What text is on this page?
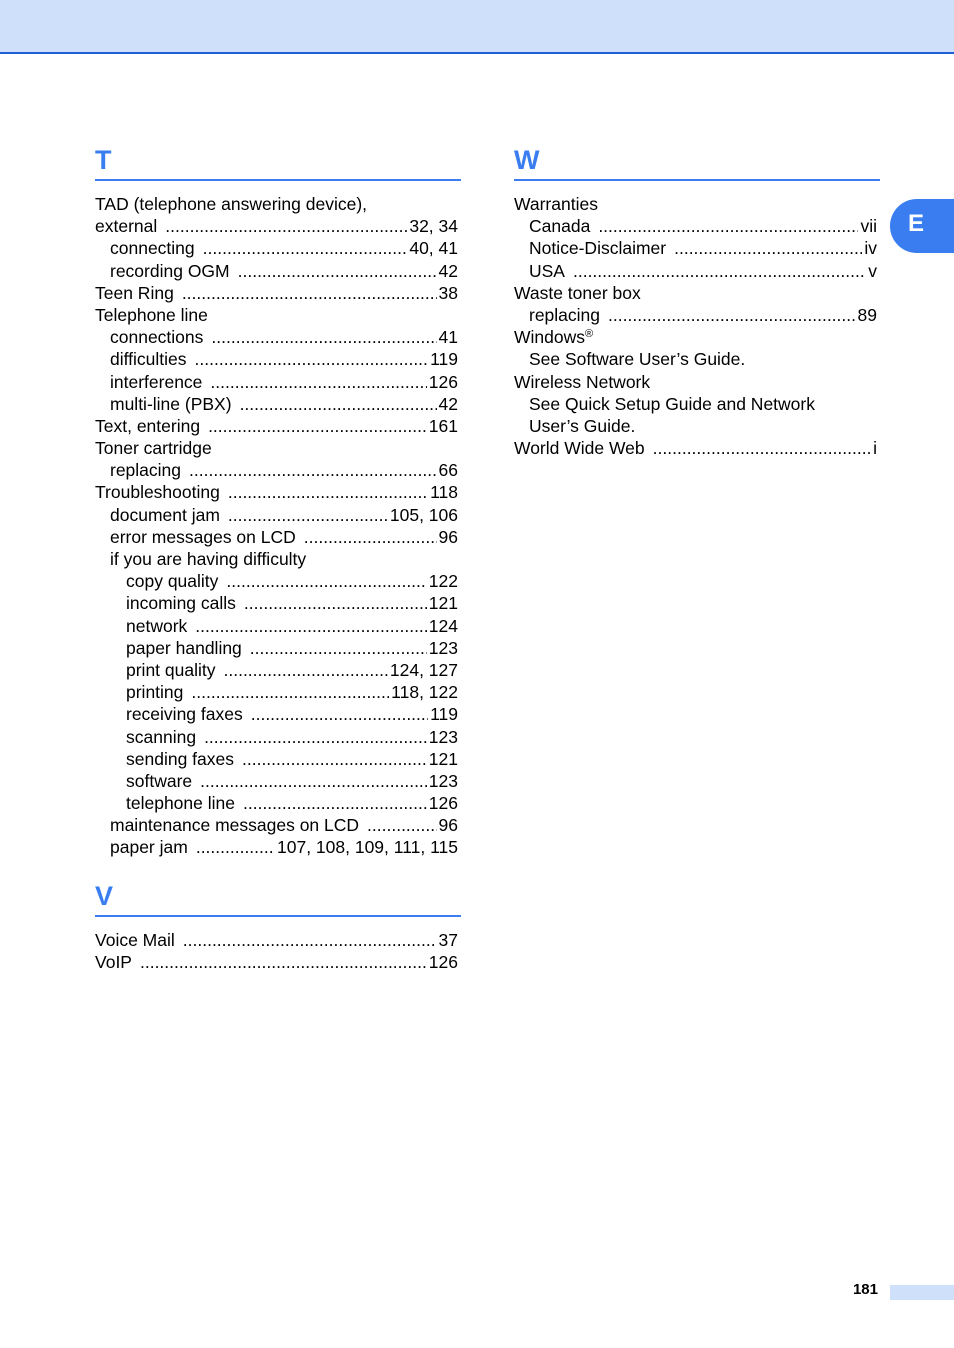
T
TAD (telephone answering device),
external .....	32, 34
connecting .....	40, 41
recording OGM .....	42
Teen Ring .....	38
Telephone line
connections .....	41
difficulties .....	119
interference .....	126
multi-line (PBX) .....	42
Text, entering .....	161
Toner cartridge
replacing .....	66
Troubleshooting .....	118
document jam .....	105, 106
error messages on LCD .....	96
if you are having difficulty
copy quality .....	122
incoming calls .....	121
network .....	124
paper handling .....	123
print quality .....	124, 127
printing .....	118, 122
receiving faxes .....	119
scanning .....	123
sending faxes .....	121
software .....	123
telephone line .....	126
maintenance messages on LCD .....	96
paper jam .....	107, 108, 109, 111, 115
V
Voice Mail .....	37
VoIP .....	126
W
Warranties
Canada .....	vii
Notice-Disclaimer .....	iv
USA .....	v
Waste toner box
replacing .....	89
Windows®
See Software User’s Guide.
Wireless Network
See Quick Setup Guide and Network
User’s Guide.
World Wide Web .....	i
E
181
